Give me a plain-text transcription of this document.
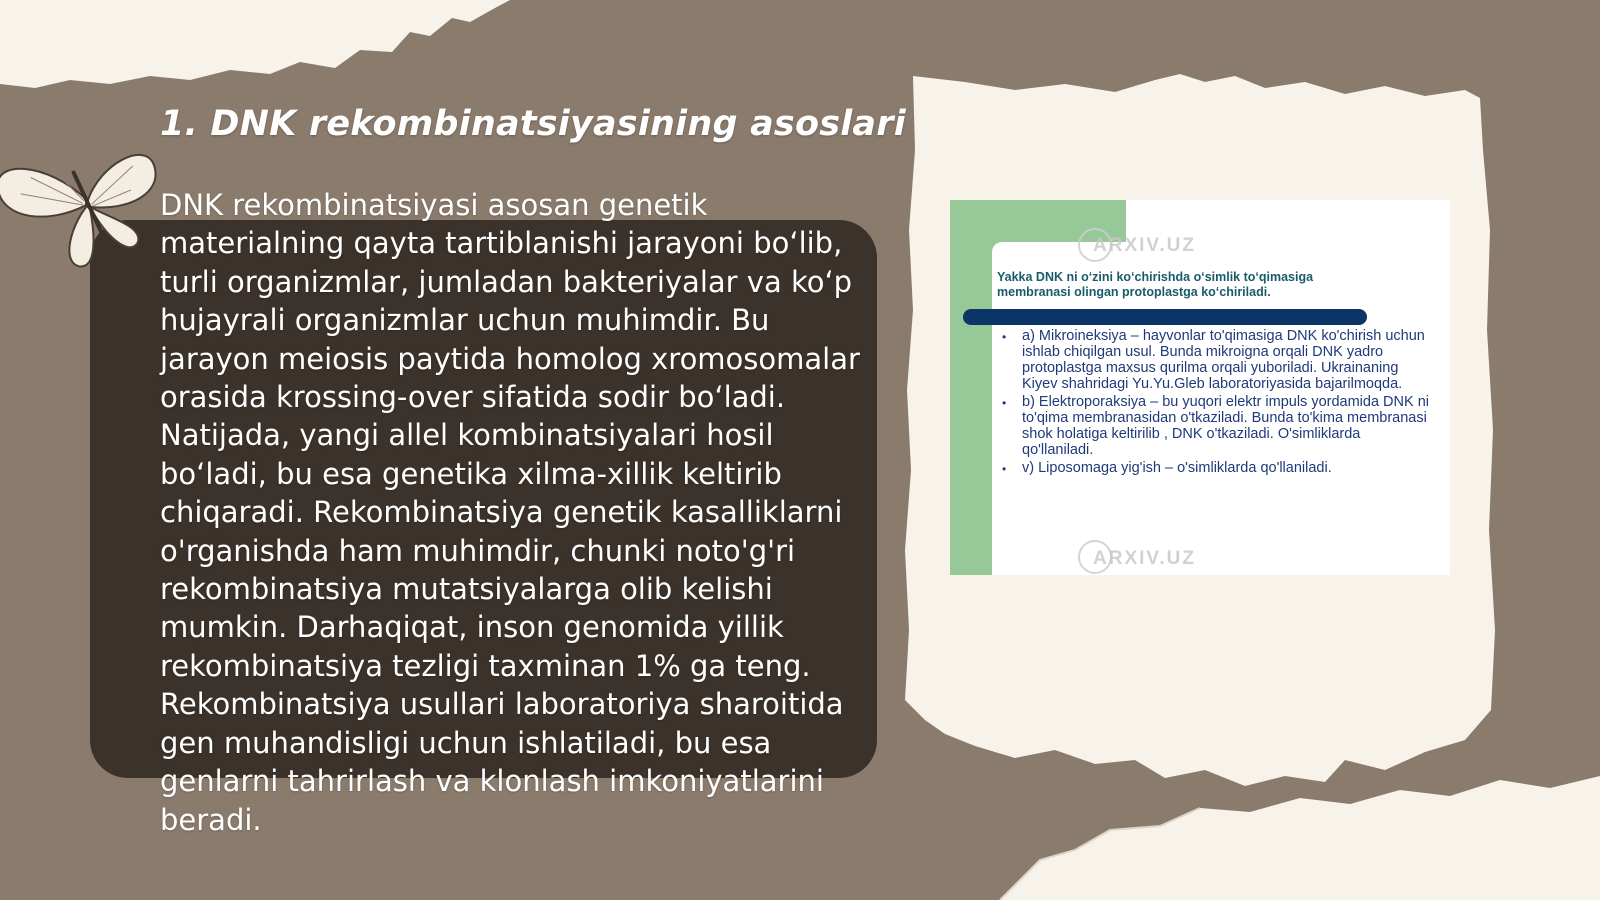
1. DNK rekombinatsiyasining asoslari

DNK rekombinatsiyasi asosan genetik materialning qayta tartiblanishi jarayoni bo‘lib, turli organizmlar, jumladan bakteriyalar va ko‘p hujayrali organizmlar uchun muhimdir. Bu jarayon meiosis paytida homolog xromosomalar orasida krossing-over sifatida sodir bo‘ladi. Natijada, yangi allel kombinatsiyalari hosil bo‘ladi, bu esa genetika xilma-xillik keltirib chiqaradi. Rekombinatsiya genetik kasalliklarni o'rganishda ham muhimdir, chunki noto'g'ri rekombinatsiya mutatsiyalarga olib kelishi mumkin. Darhaqiqat, inson genomida yillik rekombinatsiya tezligi taxminan 1% ga teng. Rekombinatsiya usullari laboratoriya sharoitida gen muhandisligi uchun ishlatiladi, bu esa genlarni tahrirlash va klonlash imkoniyatlarini beradi.

ARXIV.UZ

Yakka DNK ni o‘zini ko‘chirishda o‘simlik to‘qimasiga membranasi olingan protoplastga ko‘chiriladi.

• a) Mikroineksiya – hayvonlar to'qimasiga DNK ko'chirish uchun ishlab chiqilgan usul. Bunda mikroigna orqali DNK yadro protoplastga maxsus qurilma orqali yuboriladi. Ukrainaning Kiyev shahridagi Yu.Yu.Gleb laboratoriyasida bajarilmoqda.
• b) Elektroporaksiya – bu yuqori elektr impuls yordamida DNK ni to'qima membranasidan o'tkaziladi. Bunda to'kima membranasi shok holatiga keltirilib , DNK o'tkaziladi. O'simliklarda qo'llaniladi.
• v) Liposomaga yig'ish – o'simliklarda qo'llaniladi.
ARXIV.UZ
